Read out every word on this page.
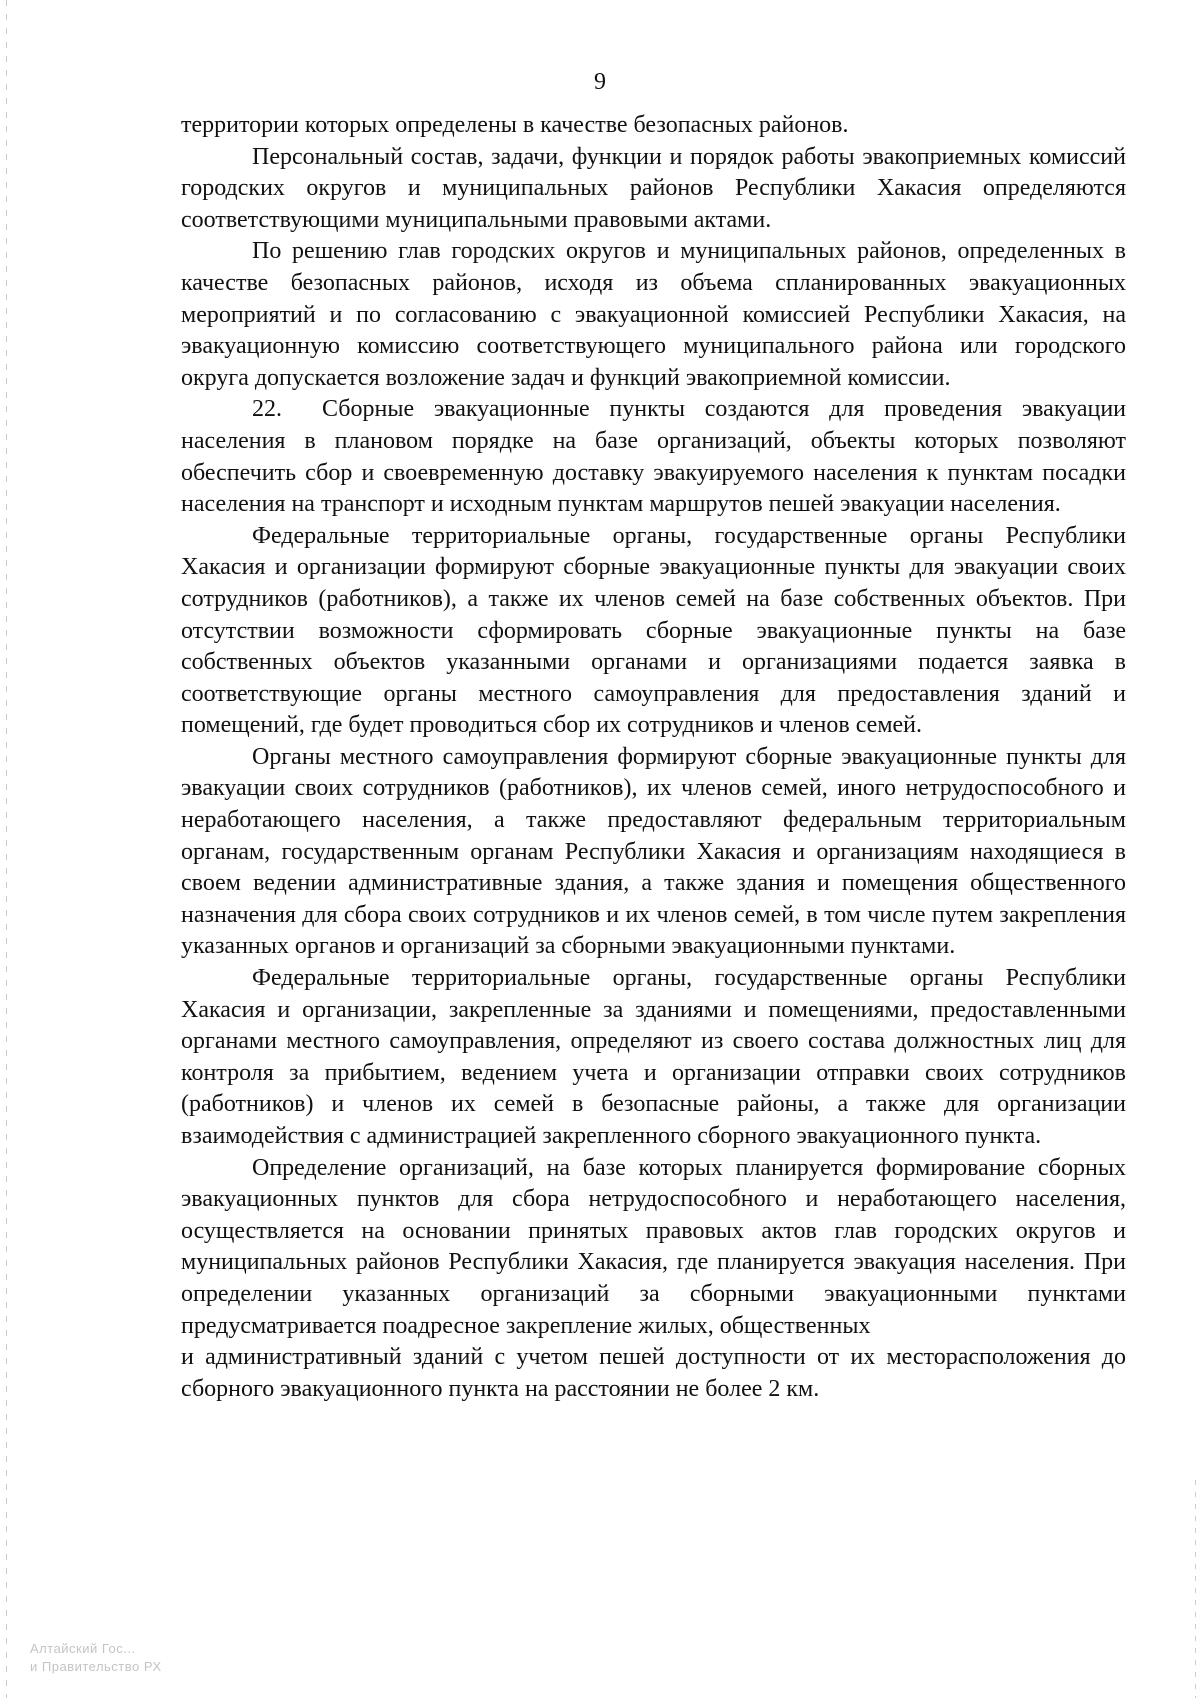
9

территории которых определены в качестве безопасных районов.

Персональный состав, задачи, функции и порядок работы эвакоприемных комиссий городских округов и муниципальных районов Республики Хакасия определяются соответствующими муниципальными правовыми актами.

По решению глав городских округов и муниципальных районов, определенных в качестве безопасных районов, исходя из объема спланированных эвакуационных мероприятий и по согласованию с эвакуационной комиссией Республики Хакасия, на эвакуационную комиссию соответствующего муниципального района или городского округа допускается возложение задач и функций эвакоприемной комиссии.

22. Сборные эвакуационные пункты создаются для проведения эвакуации населения в плановом порядке на базе организаций, объекты которых позволяют обеспечить сбор и своевременную доставку эвакуируемого населения к пунктам посадки населения на транспорт и исходным пунктам маршрутов пешей эвакуации населения.

Федеральные территориальные органы, государственные органы Республики Хакасия и организации формируют сборные эвакуационные пункты для эвакуации своих сотрудников (работников), а также их членов семей на базе собственных объектов. При отсутствии возможности сформировать сборные эвакуационные пункты на базе собственных объектов указанными органами и организациями подается заявка в соответствующие органы местного самоуправления для предоставления зданий и помещений, где будет проводиться сбор их сотрудников и членов семей.

Органы местного самоуправления формируют сборные эвакуационные пункты для эвакуации своих сотрудников (работников), их членов семей, иного нетрудоспособного и неработающего населения, а также предоставляют федеральным территориальным органам, государственным органам Республики Хакасия и организациям находящиеся в своем ведении административные здания, а также здания и помещения общественного назначения для сбора своих сотрудников и их членов семей, в том числе путем закрепления указанных органов и организаций за сборными эвакуационными пунктами.

Федеральные территориальные органы, государственные органы Республики Хакасия и организации, закрепленные за зданиями и помещениями, предоставленными органами местного самоуправления, определяют из своего состава должностных лиц для контроля за прибытием, ведением учета и организации отправки своих сотрудников (работников) и членов их семей в безопасные районы, а также для организации взаимодействия с администрацией закрепленного сборного эвакуационного пункта.

Определение организаций, на базе которых планируется формирование сборных эвакуационных пунктов для сбора нетрудоспособного и неработающего населения, осуществляется на основании принятых правовых актов глав городских округов и муниципальных районов Республики Хакасия, где планируется эвакуация населения. При определении указанных организаций за сборными эвакуационными пунктами предусматривается поадресное закрепление жилых, общественных

и административный зданий с учетом пешей доступности от их месторасположения до сборного эвакуационного пункта на расстоянии не более 2 км.

Алтайский Гос...
и Правительство РХ
